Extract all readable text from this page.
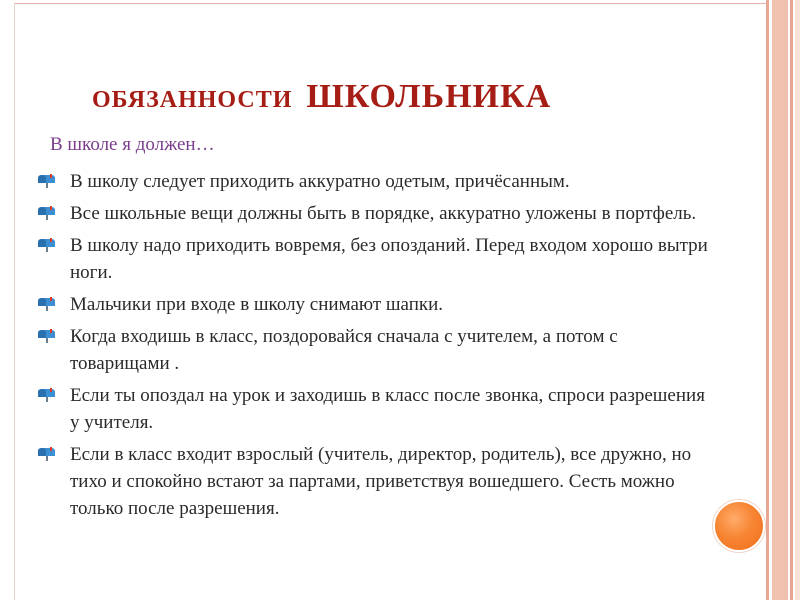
ОБЯЗАННОСТИ ШКОЛЬНИКА
В школе я должен…
В школу следует приходить аккуратно одетым, причёсанным.
Все школьные вещи должны быть в порядке, аккуратно уложены в портфель.
В школу надо приходить вовремя, без опозданий. Перед входом хорошо вытри ноги.
Мальчики при входе в школу снимают шапки.
Когда входишь в класс, поздоровайся сначала с учителем, а потом с товарищами .
Если ты опоздал на урок и заходишь в класс после звонка, спроси разрешения у учителя.
Если в класс входит взрослый (учитель, директор, родитель), все дружно, но тихо и спокойно встают за партами, приветствуя вошедшего. Сесть можно только после разрешения.
